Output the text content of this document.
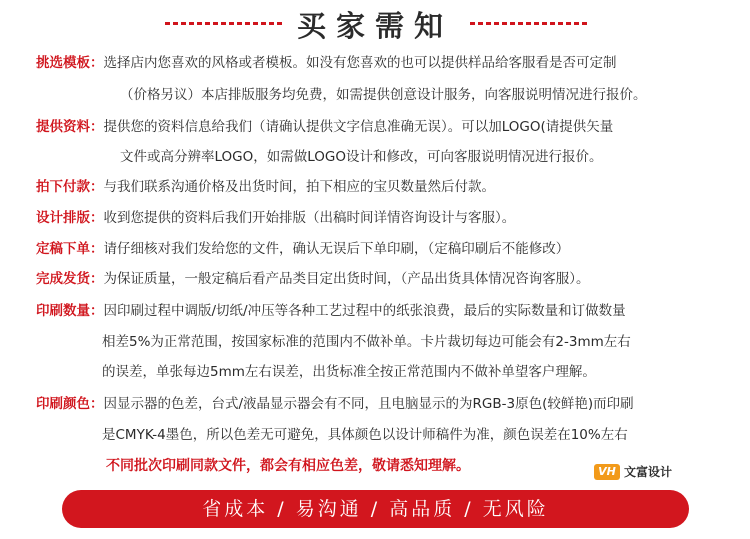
买家需知
挑选模板：选择店内您喜欢的风格或者模板。如没有您喜欢的也可以提供样品给客服看是否可定制
（价格另议）本店排版服务均免费，如需提供创意设计服务，向客服说明情况进行报价。
提供资料：提供您的资料信息给我们（请确认提供文字信息准确无误）。可以加LOGO(请提供矢量
文件或高分辨率LOGO，如需做LOGO设计和修改，可向客服说明情况进行报价。
拍下付款：与我们联系沟通价格及出货时间，拍下相应的宝贝数量然后付款。
设计排版：收到您提供的资料后我们开始排版（出稿时间详情咨询设计与客服）。
定稿下单：请仔细核对我们发给您的文件，确认无误后下单印刷，（定稿印刷后不能修改）
完成发货：为保证质量，一般定稿后看产品类目定出货时间，（产品出货具体情况咨询客服）。
印刷数量：因印刷过程中调版/切纸/冲压等各种工艺过程中的纸张浪费，最后的实际数量和订做数量
相差5%为正常范围，按国家标准的范围内不做补单。卡片裁切每边可能会有2-3mm左右
的误差，单张每边5mm左右误差，出货标准全按正常范围内不做补单望客户理解。
印刷颜色：因显示器的色差，台式/液晶显示器会有不同，且电脑显示的为RGB-3原色(较鲜艳)而印刷
是CMYK-4墨色，所以色差无可避免，具体颜色以设计师稿件为准，颜色误差在10%左右
不同批次印刷同款文件，都会有相应色差，敬请悉知理解。	VH 文富设计
省成本 / 易沟通 / 高品质 / 无风险
